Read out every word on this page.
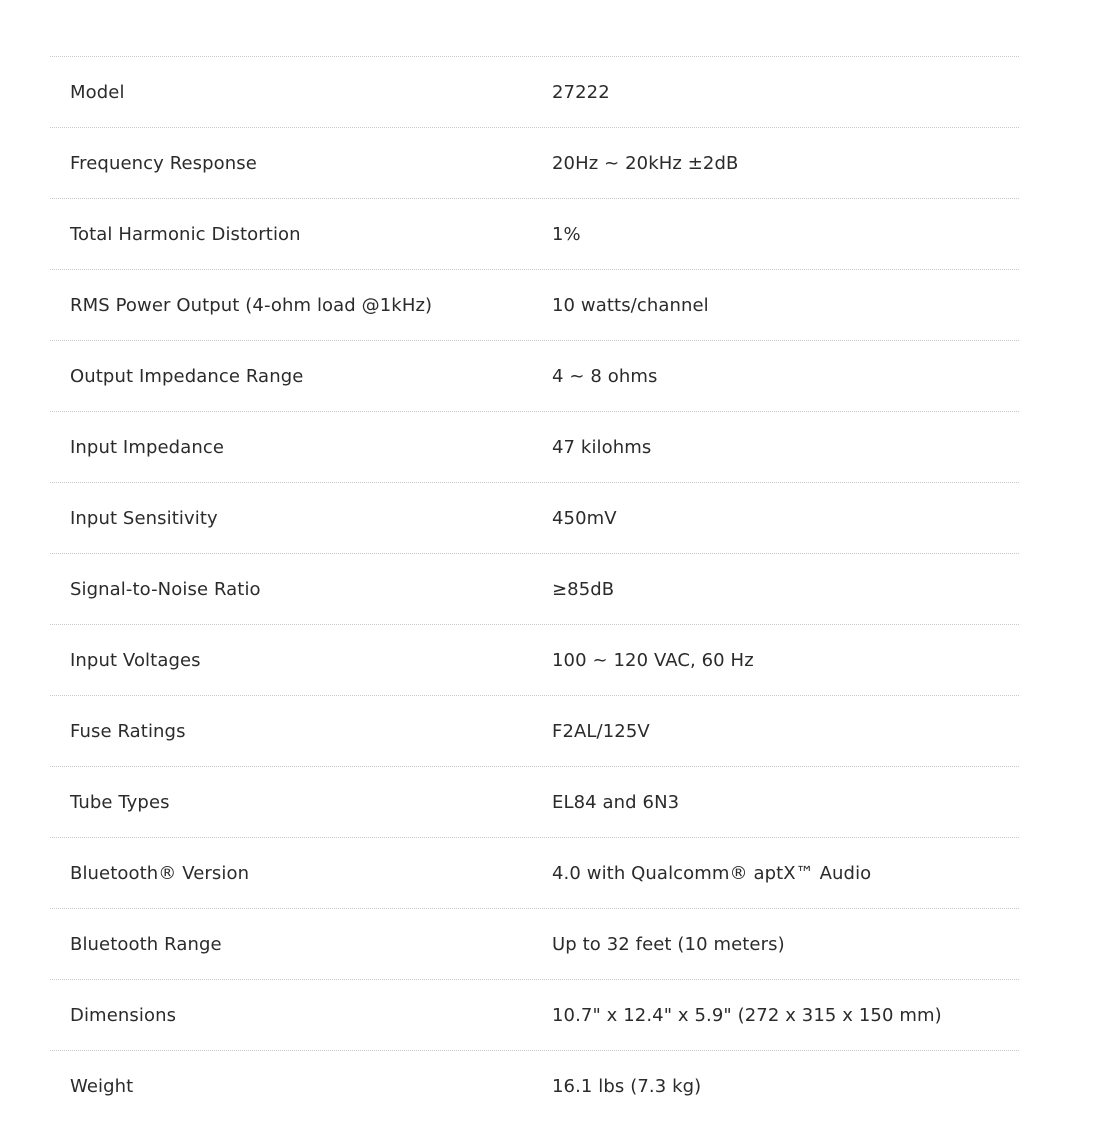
Model	27222
Frequency Response	20Hz ~ 20kHz ±2dB
Total Harmonic Distortion	1%
RMS Power Output (4-ohm load @1kHz)	10 watts/channel
Output Impedance Range	4 ~ 8 ohms
Input Impedance	47 kilohms
Input Sensitivity	450mV
Signal-to-Noise Ratio	≥85dB
Input Voltages	100 ~ 120 VAC, 60 Hz
Fuse Ratings	F2AL/125V
Tube Types	EL84 and 6N3
Bluetooth® Version	4.0 with Qualcomm® aptX™ Audio
Bluetooth Range	Up to 32 feet (10 meters)
Dimensions	10.7" x 12.4" x 5.9" (272 x 315 x 150 mm)
Weight	16.1 lbs (7.3 kg)
